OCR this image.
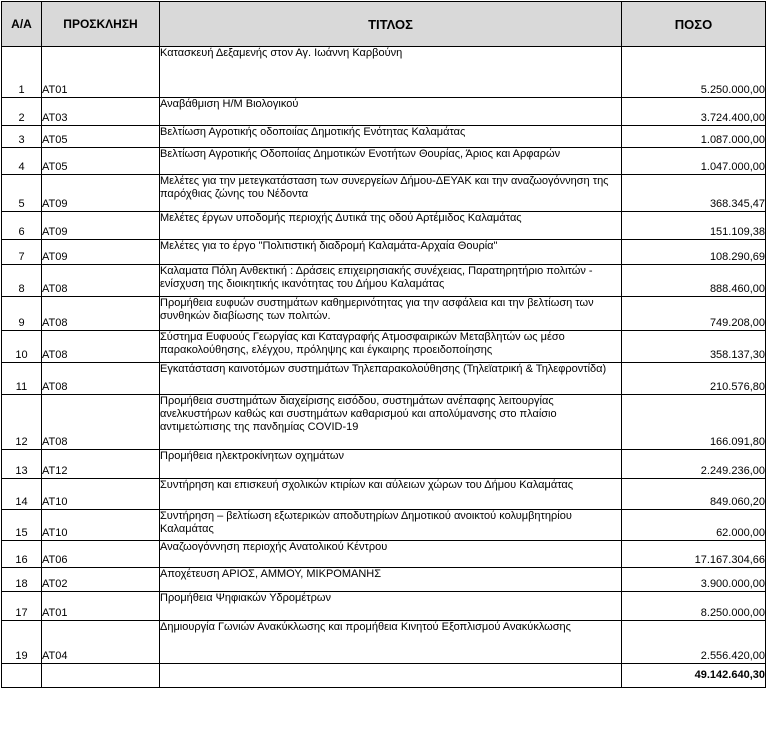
Α/Α	ΠΡΟΣΚΛΗΣΗ	ΤΙΤΛΟΣ	ΠΟΣΟ
1	ΑΤ01	Κατασκευή Δεξαμενής στον Αγ. Ιωάννη Καρβούνη	5.250.000,00
2	ΑΤ03	Αναβάθμιση Η/Μ Βιολογικού	3.724.400,00
3	ΑΤ05	Βελτίωση Αγροτικής οδοποιίας Δημοτικής Ενότητας Καλαμάτας	1.087.000,00
4	ΑΤ05	Βελτίωση Αγροτικής Οδοποιίας Δημοτικών Ενοτήτων Θουρίας, Άριος και Αρφαρών	1.047.000,00
5	ΑΤ09	Μελέτες για την μετεγκατάσταση των συνεργείων Δήμου-ΔΕΥΑΚ και την αναζωογόννηση της παρόχθιας ζώνης του Νέδοντα	368.345,47
6	ΑΤ09	Μελέτες έργων υποδομής περιοχής Δυτικά της οδού Αρτέμιδος Καλαμάτας	151.109,38
7	ΑΤ09	Μελέτες για το έργο "Πολιτιστική διαδρομή Καλαμάτα-Αρχαία Θουρία"	108.290,69
8	ΑΤ08	Καλαματα Πόλη Ανθεκτική : Δράσεις επιχειρησιακής συνέχειας, Παρατηρητήριο πολιτών - ενίσχυση της διοικητικής ικανότητας του Δήμου Καλαμάτας	888.460,00
9	ΑΤ08	Προμήθεια ευφυών συστημάτων καθημερινότητας για την ασφάλεια και την βελτίωση των συνθηκών διαβίωσης των πολιτών.	749.208,00
10	ΑΤ08	Σύστημα Ευφυούς Γεωργίας και Καταγραφής Ατμοσφαιρικών Μεταβλητών ως μέσο παρακολούθησης, ελέγχου, πρόληψης και έγκαιρης προειδοποίησης	358.137,30
11	ΑΤ08	Εγκατάσταση καινοτόμων συστημάτων Τηλεπαρακολούθησης (Τηλεϊατρική & Τηλεφροντίδα)	210.576,80
12	ΑΤ08	Προμήθεια συστημάτων διαχείρισης εισόδου, συστημάτων ανέπαφης λειτουργίας ανελκυστήρων καθώς και συστημάτων καθαρισμού και απολύμανσης στο πλαίσιο αντιμετώπισης της πανδημίας COVID-19	166.091,80
13	ΑΤ12	Προμήθεια ηλεκτροκίνητων οχημάτων	2.249.236,00
14	ΑΤ10	Συντήρηση και επισκευή σχολικών κτιρίων και αύλειων χώρων του Δήμου Καλαμάτας	849.060,20
15	ΑΤ10	Συντήρηση – βελτίωση εξωτερικών αποδυτηρίων Δημοτικού ανοικτού κολυμβητηρίου Καλαμάτας	62.000,00
16	ΑΤ06	Αναζωογόννηση περιοχής Ανατολικού Κέντρου	17.167.304,66
18	ΑΤ02	Αποχέτευση ΑΡΙΟΣ, ΑΜΜΟΥ, ΜΙΚΡΟΜΑΝΗΣ	3.900.000,00
17	ΑΤ01	Προμήθεια Ψηφιακών Υδρομέτρων	8.250.000,00
19	ΑΤ04	Δημιουργία Γωνιών Ανακύκλωσης και προμήθεια Κινητού Εξοπλισμού Ανακύκλωσης	2.556.420,00
			49.142.640,30
